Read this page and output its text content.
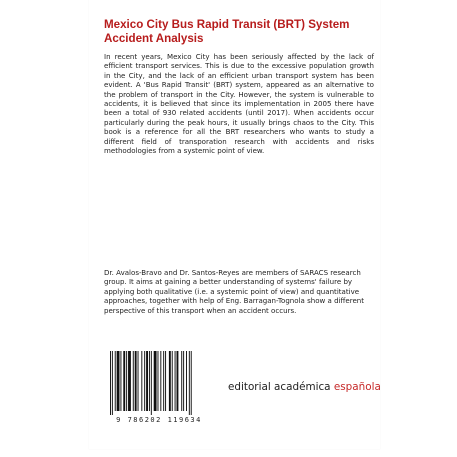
Mexico City Bus Rapid Transit (BRT) System Accident Analysis

In recent years, Mexico City has been seriously affected by the lack of efficient transport services. This is due to the excessive population growth in the City, and the lack of an efficient urban transport system has been evident. A 'Bus Rapid Transit' (BRT) system, appeared as an alternative to the problem of transport in the City. However, the system is vulnerable to accidents, it is believed that since its implementation in 2005 there have been a total of 930 related accidents (until 2017). When accidents occur particularly during the peak hours, it usually brings chaos to the City. This book is a reference for all the BRT researchers who wants to study a different field of transporation research with accidents and risks methodologies from a systemic point of view.

Dr. Avalos-Bravo and Dr. Santos-Reyes are members of SARACS research group. It aims at gaining a better understanding of systems' failure by applying both qualitative (i.e. a systemic point of view) and quantitative approaches, together with help of Eng. Barragan-Tognola show a different perspective of this transport when an accident occurs.

9 786202 119634
editorial académica española
